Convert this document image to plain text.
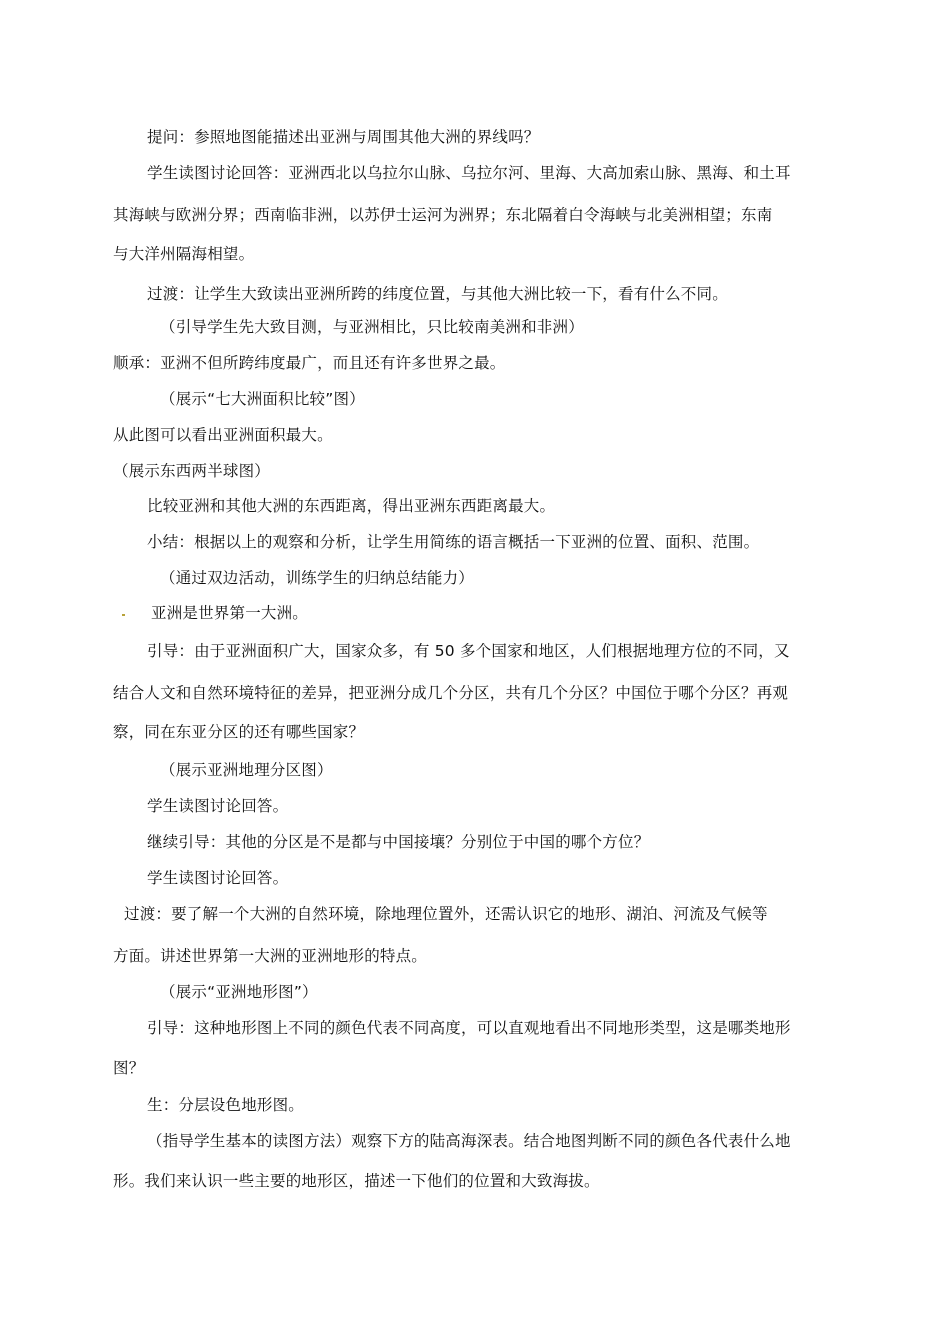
提问：参照地图能描述出亚洲与周围其他大洲的界线吗？
学生读图讨论回答：亚洲西北以乌拉尔山脉、乌拉尔河、里海、大高加索山脉、黑海、和土耳
其海峡与欧洲分界；西南临非洲，以苏伊士运河为洲界；东北隔着白令海峡与北美洲相望；东南
与大洋州隔海相望。
过渡：让学生大致读出亚洲所跨的纬度位置，与其他大洲比较一下，看有什么不同。
（引导学生先大致目测，与亚洲相比，只比较南美洲和非洲）
顺承：亚洲不但所跨纬度最广，而且还有许多世界之最。
（展示“七大洲面积比较”图）
从此图可以看出亚洲面积最大。
（展示东西两半球图）
比较亚洲和其他大洲的东西距离，得出亚洲东西距离最大。
小结：根据以上的观察和分析，让学生用简练的语言概括一下亚洲的位置、面积、范围。
（通过双边活动，训练学生的归纳总结能力）
亚洲是世界第一大洲。
引导：由于亚洲面积广大，国家众多，有 50 多个国家和地区，人们根据地理方位的不同，又
结合人文和自然环境特征的差异，把亚洲分成几个分区，共有几个分区？中国位于哪个分区？再观
察，同在东亚分区的还有哪些国家？
（展示亚洲地理分区图）
学生读图讨论回答。
继续引导：其他的分区是不是都与中国接壤？分别位于中国的哪个方位？
学生读图讨论回答。
过渡：要了解一个大洲的自然环境，除地理位置外，还需认识它的地形、湖泊、河流及气候等
方面。讲述世界第一大洲的亚洲地形的特点。
（展示“亚洲地形图”）
引导：这种地形图上不同的颜色代表不同高度，可以直观地看出不同地形类型，这是哪类地形
图？
生：分层设色地形图。
（指导学生基本的读图方法）观察下方的陆高海深表。结合地图判断不同的颜色各代表什么地
形。我们来认识一些主要的地形区，描述一下他们的位置和大致海拔。
